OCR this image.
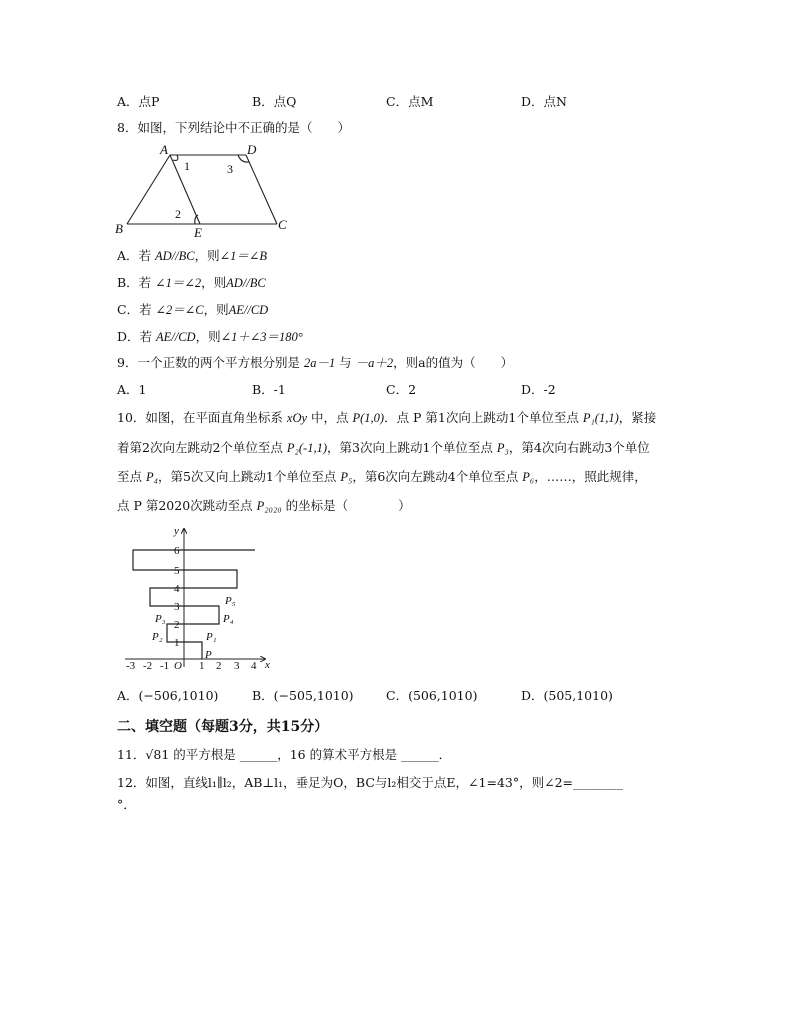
A．点P	B．点Q	C．点M	D．点N
8．如图，下列结论中不正确的是（　　）
A	D
B	C
E
1	3
2
A．若 AD//BC，则∠1＝∠B
B．若 ∠1＝∠2，则AD//BC
C．若 ∠2＝∠C，则AE//CD
D．若 AE//CD，则∠1＋∠3＝180°
9．一个正数的两个平方根分别是 2a－1 与 －a＋2，则a的值为（　　）
A．1	B．-1	C．2	D．-2
10．如图，在平面直角坐标系 xOy 中，点 P(1,0)．点 P 第1次向上跳动1个单位至点 P₁(1,1)，紧接
着第2次向左跳动2个单位至点 P₂(-1,1)，第3次向上跳动1个单位至点 P₃，第4次向右跳动3个单位
至点 P₄，第5次又向上跳动1个单位至点 P₅，第6次向左跳动4个单位至点 P₆，……，照此规律，
点 P 第2020次跳动至点 P₂₀₂₀ 的坐标是（　　　　）
y
x
O
-3 -2 -1	1 2 3 4
1
2
3
4
5
6
P
P₁
P₂
P₃	P₄
P₅
A．(−506,1010)	B．(−505,1010)	C．(506,1010)	D．(505,1010)
二、填空题（每题3分，共15分）
11．√81 的平方根是 ______，16 的算术平方根是 ______．
12．如图，直线l₁∥l₂，AB⊥l₁，垂足为O，BC与l₂相交于点E，∠1=43°，则∠2=________
°．
